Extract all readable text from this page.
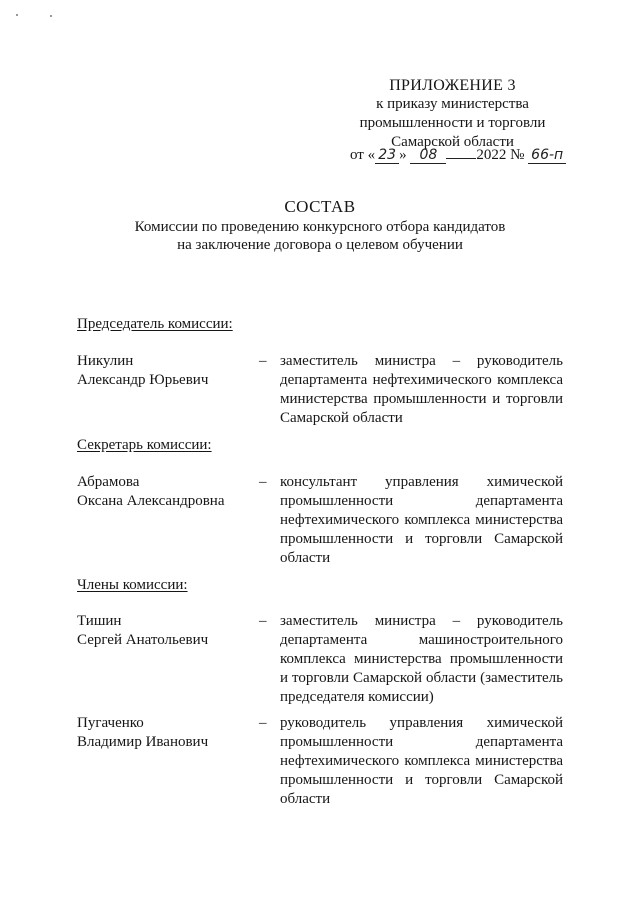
ПРИЛОЖЕНИЕ 3
к приказу министерства
промышленности и торговли
Самарской области
от « 23 » 08	2022 № 66-п
СОСТАВ
Комиссии по проведению конкурсного отбора кандидатов
на заключение договора о целевом обучении
Председатель комиссии:
Никулин
Александр Юрьевич
– заместитель министра – руководитель департамента нефтехимического комплекса министерства промышленности и торговли Самарской области
Секретарь комиссии:
Абрамова
Оксана Александровна
– консультант управления химической промышленности департамента нефтехимического комплекса министерства промышленности и торговли Самарской области
Члены комиссии:
Тишин
Сергей Анатольевич
– заместитель министра – руководитель департамента машиностроительного комплекса министерства промышленности и торговли Самарской области (заместитель председателя комиссии)
Пугаченко
Владимир Иванович
– руководитель управления химической промышленности департамента нефтехимического комплекса министерства промышленности и торговли Самарской области
